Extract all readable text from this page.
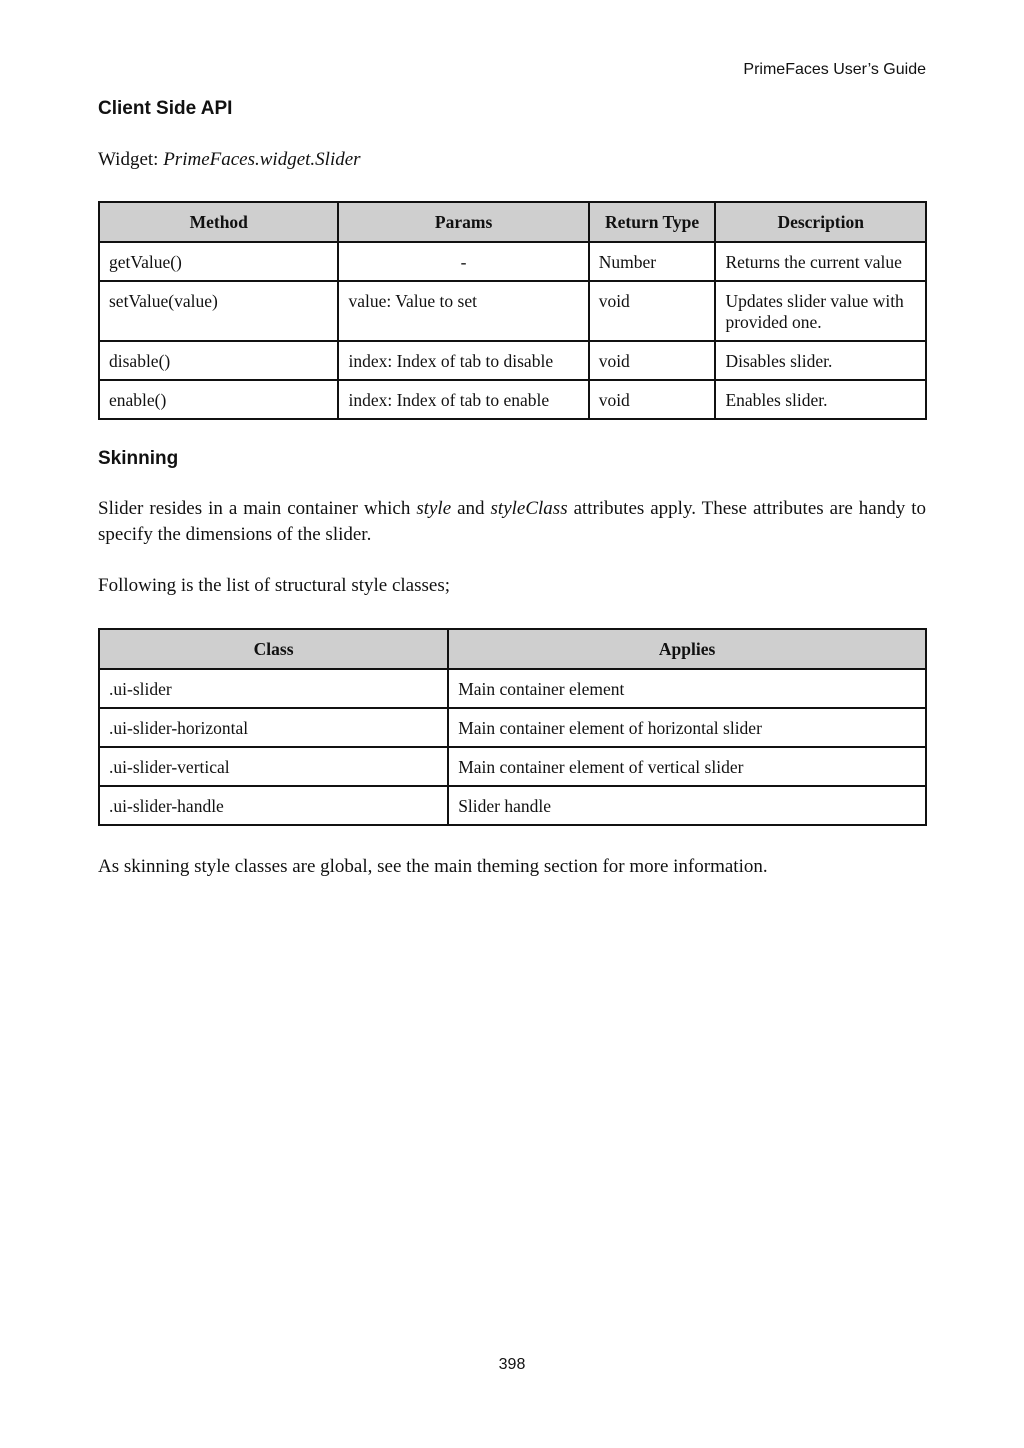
PrimeFaces User’s Guide
Client Side API
Widget: PrimeFaces.widget.Slider
Method	Params	Return Type	Description
getValue()	-	Number	Returns the current value
setValue(value)	value: Value to set	void	Updates slider value with provided one.
disable()	index: Index of tab to disable	void	Disables slider.
enable()	index: Index of tab to enable	void	Enables slider.
Skinning
Slider resides in a main container which style and styleClass attributes apply. These attributes are handy to specify the dimensions of the slider.
Following is the list of structural style classes;
Class	Applies
.ui-slider	Main container element
.ui-slider-horizontal	Main container element of horizontal slider
.ui-slider-vertical	Main container element of vertical slider
.ui-slider-handle	Slider handle
As skinning style classes are global, see the main theming section for more information.
398
